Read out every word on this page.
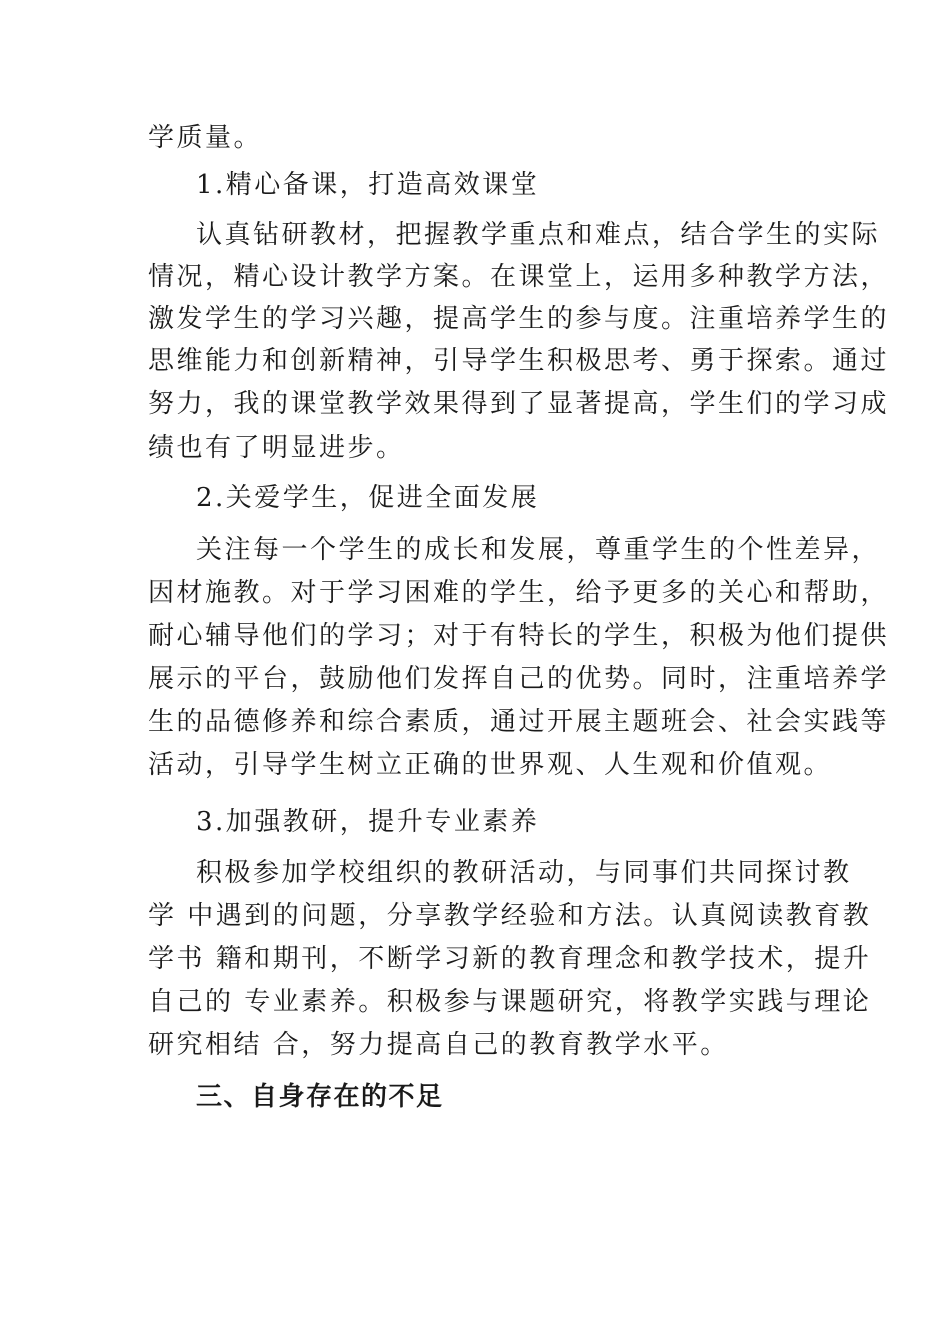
学质量。
1.精心备课，打造高效课堂
认真钻研教材，把握教学重点和难点，结合学生的实际
情况，精心设计教学方案。在课堂上，运用多种教学方法，
激发学生的学习兴趣，提高学生的参与度。注重培养学生的
思维能力和创新精神，引导学生积极思考、勇于探索。通过
努力，我的课堂教学效果得到了显著提高，学生们的学习成
绩也有了明显进步。
2.关爱学生，促进全面发展
关注每一个学生的成长和发展，尊重学生的个性差异，
因材施教。对于学习困难的学生，给予更多的关心和帮助，
耐心辅导他们的学习；对于有特长的学生，积极为他们提供
展示的平台，鼓励他们发挥自己的优势。同时，注重培养学
生的品德修养和综合素质，通过开展主题班会、社会实践等
活动，引导学生树立正确的世界观、人生观和价值观。
3.加强教研，提升专业素养
积极参加学校组织的教研活动，与同事们共同探讨教
学 中遇到的问题，分享教学经验和方法。认真阅读教育教
学书 籍和期刊，不断学习新的教育理念和教学技术，提升
自己的 专业素养。积极参与课题研究，将教学实践与理论
研究相结 合，努力提高自己的教育教学水平。
三、自身存在的不足
